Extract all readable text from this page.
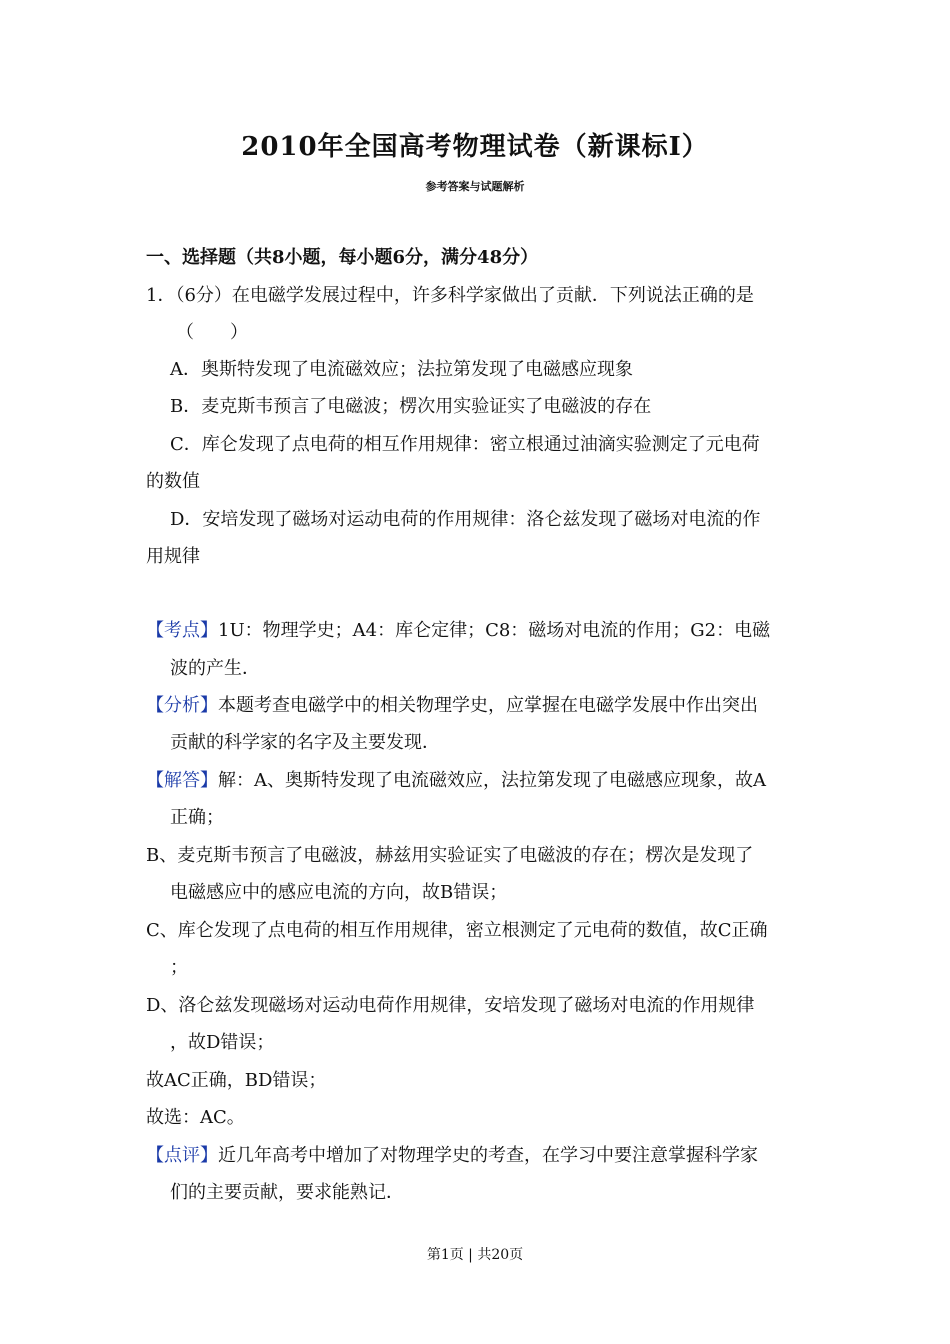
2010年全国高考物理试卷（新课标I）
参考答案与试题解析
一、选择题（共8小题，每小题6分，满分48分）
1．（6分）在电磁学发展过程中，许多科学家做出了贡献．下列说法正确的是
（　　）
A．奥斯特发现了电流磁效应；法拉第发现了电磁感应现象
B．麦克斯韦预言了电磁波；楞次用实验证实了电磁波的存在
C．库仑发现了点电荷的相互作用规律：密立根通过油滴实验测定了元电荷
的数值
D．安培发现了磁场对运动电荷的作用规律：洛仑兹发现了磁场对电流的作
用规律
【考点】1U：物理学史；A4：库仑定律；C8：磁场对电流的作用；G2：电磁
波的产生．
【分析】本题考查电磁学中的相关物理学史，应掌握在电磁学发展中作出突出
贡献的科学家的名字及主要发现．
【解答】解：A、奥斯特发现了电流磁效应，法拉第发现了电磁感应现象，故A
正确；
B、麦克斯韦预言了电磁波，赫兹用实验证实了电磁波的存在；楞次是发现了
电磁感应中的感应电流的方向，故B错误；
C、库仑发现了点电荷的相互作用规律，密立根测定了元电荷的数值，故C正确
；
D、洛仑兹发现磁场对运动电荷作用规律，安培发现了磁场对电流的作用规律
，故D错误；
故AC正确，BD错误；
故选：AC。
【点评】近几年高考中增加了对物理学史的考查，在学习中要注意掌握科学家
们的主要贡献，要求能熟记．
第1页 | 共20页
